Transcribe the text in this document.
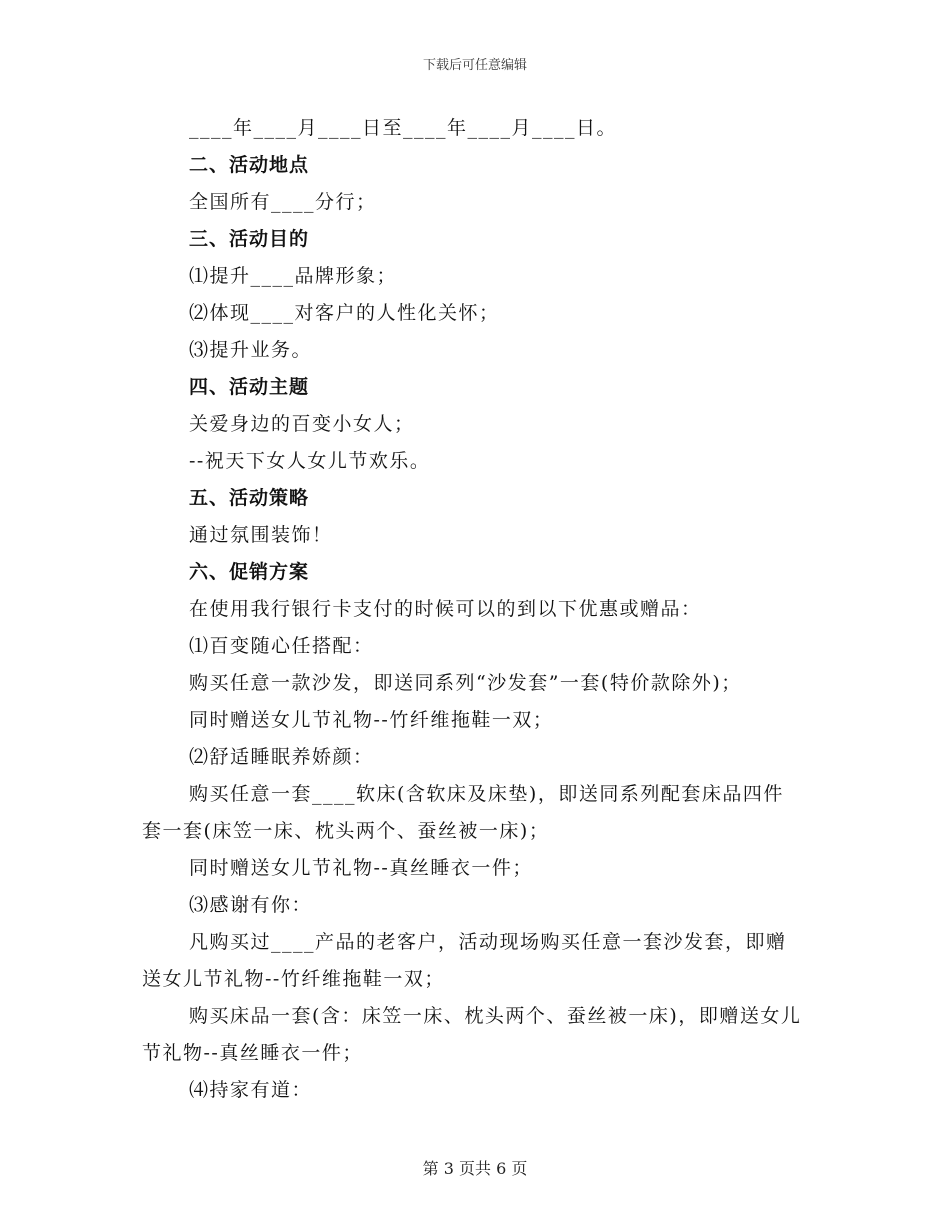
下载后可任意编辑
____年____月____日至____年____月____日。
二、活动地点
全国所有____分行；
三、活动目的
⑴提升____品牌形象；
⑵体现____对客户的人性化关怀；
⑶提升业务。
四、活动主题
关爱身边的百变小女人；
--祝天下女人女儿节欢乐。
五、活动策略
通过氛围装饰！
六、促销方案
在使用我行银行卡支付的时候可以的到以下优惠或赠品：
⑴百变随心任搭配：
购买任意一款沙发，即送同系列“沙发套”一套(特价款除外)；
同时赠送女儿节礼物--竹纤维拖鞋一双；
⑵舒适睡眠养娇颜：

购买任意一套____软床(含软床及床垫)，即送同系列配套床品四件套一套(床笠一床、枕头两个、蚕丝被一床)；

同时赠送女儿节礼物--真丝睡衣一件；
⑶感谢有你：

凡购买过____产品的老客户，活动现场购买任意一套沙发套，即赠送女儿节礼物--竹纤维拖鞋一双；

购买床品一套(含：床笠一床、枕头两个、蚕丝被一床)，即赠送女儿节礼物--真丝睡衣一件；

⑷持家有道：
第 3 页共 6 页
